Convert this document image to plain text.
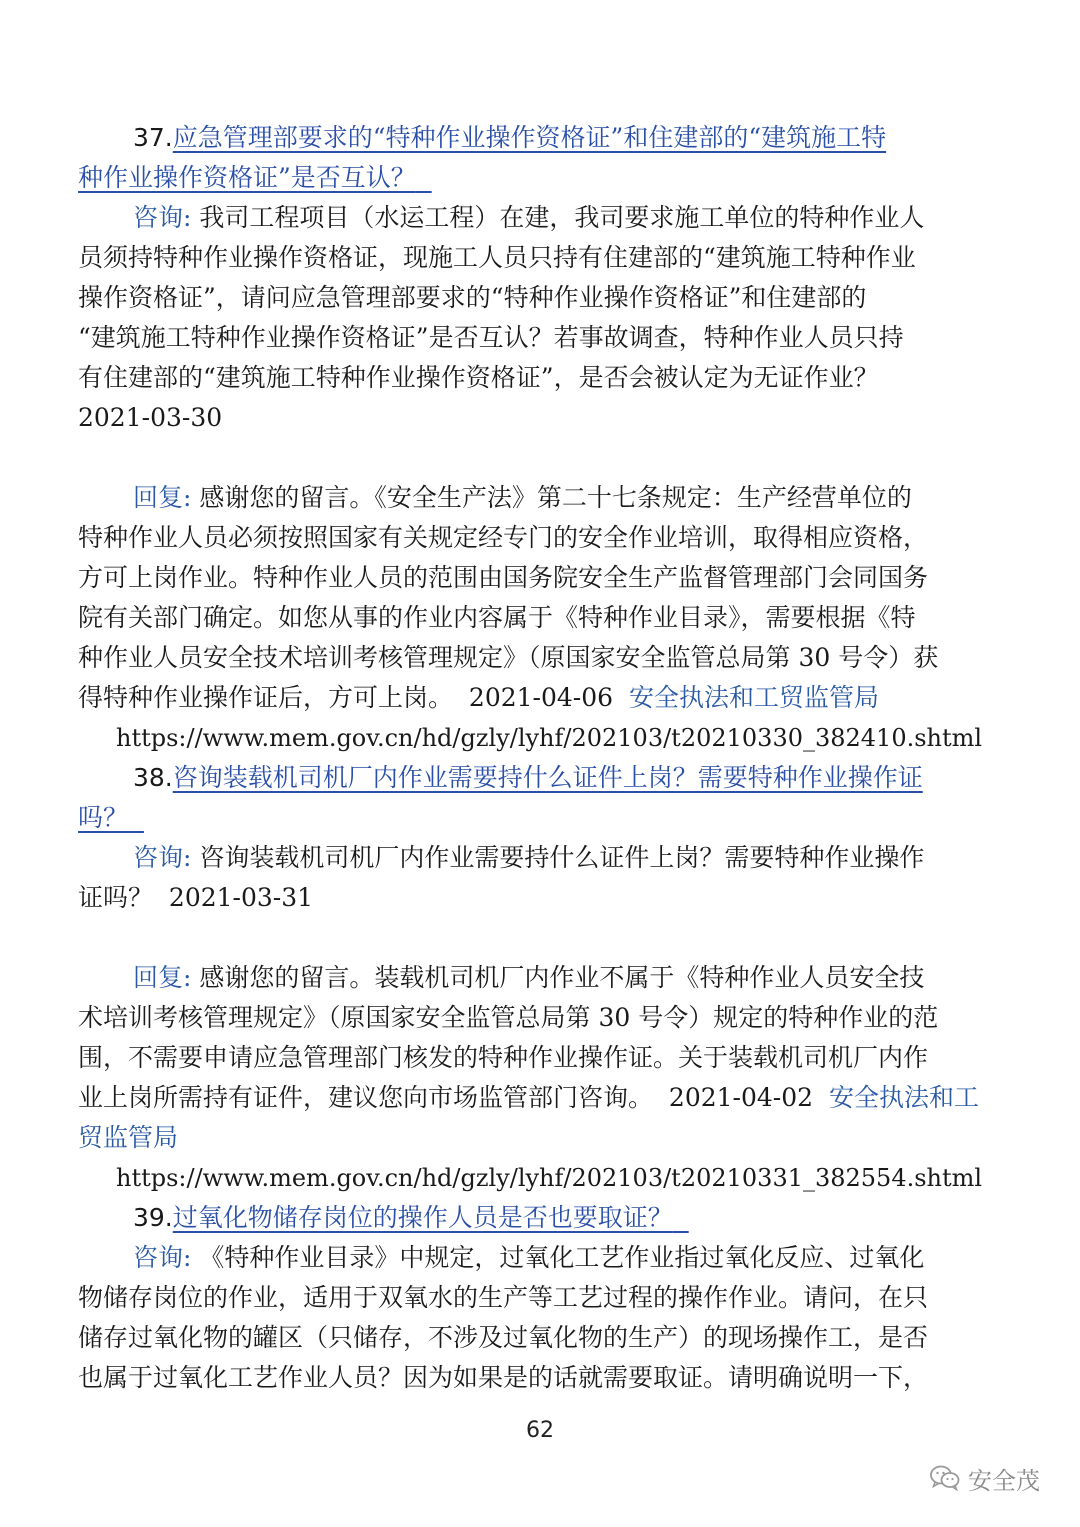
37.应急管理部要求的“特种作业操作资格证”和住建部的“建筑施工特
种作业操作资格证”是否互认？
咨询: 我司工程项目（水运工程）在建，我司要求施工单位的特种作业人
员须持特种作业操作资格证，现施工人员只持有住建部的“建筑施工特种作业
操作资格证”，请问应急管理部要求的“特种作业操作资格证”和住建部的
“建筑施工特种作业操作资格证”是否互认？若事故调查，特种作业人员只持
有住建部的“建筑施工特种作业操作资格证”，是否会被认定为无证作业？
2021-03-30
回复: 感谢您的留言。《安全生产法》第二十七条规定：生产经营单位的
特种作业人员必须按照国家有关规定经专门的安全作业培训，取得相应资格，
方可上岗作业。特种作业人员的范围由国务院安全生产监督管理部门会同国务
院有关部门确定。如您从事的作业内容属于《特种作业目录》，需要根据《特
种作业人员安全技术培训考核管理规定》（原国家安全监管总局第 30 号令）获
得特种作业操作证后，方可上岗。 2021-04-06 安全执法和工贸监管局
https://www.mem.gov.cn/hd/gzly/lyhf/202103/t20210330_382410.shtml
38.咨询装载机司机厂内作业需要持什么证件上岗？需要特种作业操作证
吗？
咨询: 咨询装载机司机厂内作业需要持什么证件上岗？需要特种作业操作
证吗？ 2021-03-31
回复: 感谢您的留言。装载机司机厂内作业不属于《特种作业人员安全技
术培训考核管理规定》（原国家安全监管总局第 30 号令）规定的特种作业的范
围，不需要申请应急管理部门核发的特种作业操作证。关于装载机司机厂内作
业上岗所需持有证件，建议您向市场监管部门咨询。 2021-04-02 安全执法和工
贸监管局
https://www.mem.gov.cn/hd/gzly/lyhf/202103/t20210331_382554.shtml
39.过氧化物储存岗位的操作人员是否也要取证？
咨询: 《特种作业目录》中规定，过氧化工艺作业指过氧化反应、过氧化
物储存岗位的作业，适用于双氧水的生产等工艺过程的操作作业。请问，在只
储存过氧化物的罐区（只储存，不涉及过氧化物的生产）的现场操作工，是否
也属于过氧化工艺作业人员？因为如果是的话就需要取证。请明确说明一下，
62
安全茂
